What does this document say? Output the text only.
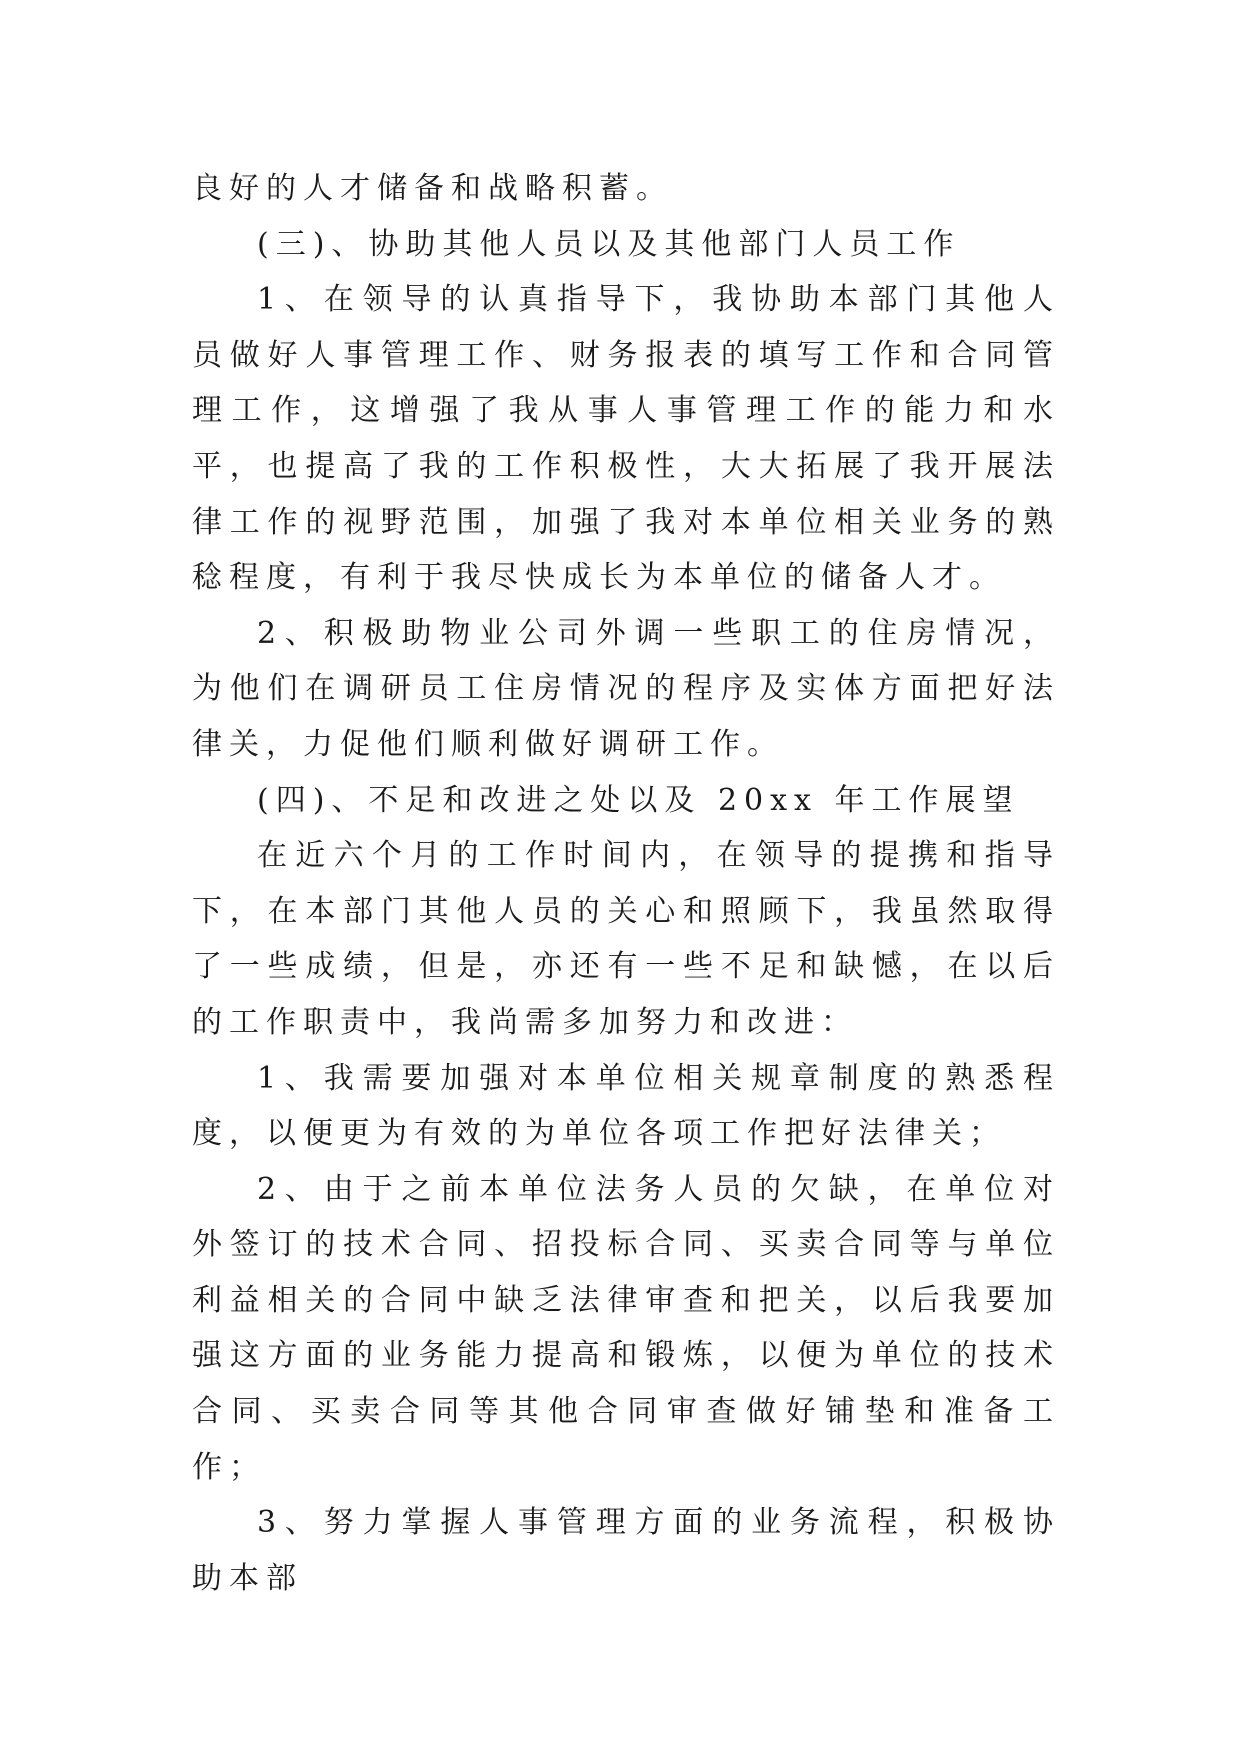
良好的人才储备和战略积蓄。

(三)、协助其他人员以及其他部门人员工作

1、在领导的认真指导下，我协助本部门其他人员做好人事管理工作、财务报表的填写工作和合同管理工作，这增强了我从事人事管理工作的能力和水平，也提高了我的工作积极性，大大拓展了我开展法律工作的视野范围，加强了我对本单位相关业务的熟稔程度，有利于我尽快成长为本单位的储备人才。

2、积极助物业公司外调一些职工的住房情况，为他们在调研员工住房情况的程序及实体方面把好法律关，力促他们顺利做好调研工作。

(四)、不足和改进之处以及 20xx 年工作展望

在近六个月的工作时间内，在领导的提携和指导下，在本部门其他人员的关心和照顾下，我虽然取得了一些成绩，但是，亦还有一些不足和缺憾，在以后的工作职责中，我尚需多加努力和改进：

1、我需要加强对本单位相关规章制度的熟悉程度，以便更为有效的为单位各项工作把好法律关；

2、由于之前本单位法务人员的欠缺，在单位对外签订的技术合同、招投标合同、买卖合同等与单位利益相关的合同中缺乏法律审查和把关，以后我要加强这方面的业务能力提高和锻炼，以便为单位的技术合同、买卖合同等其他合同审查做好铺垫和准备工作；

3、努力掌握人事管理方面的业务流程，积极协助本部
